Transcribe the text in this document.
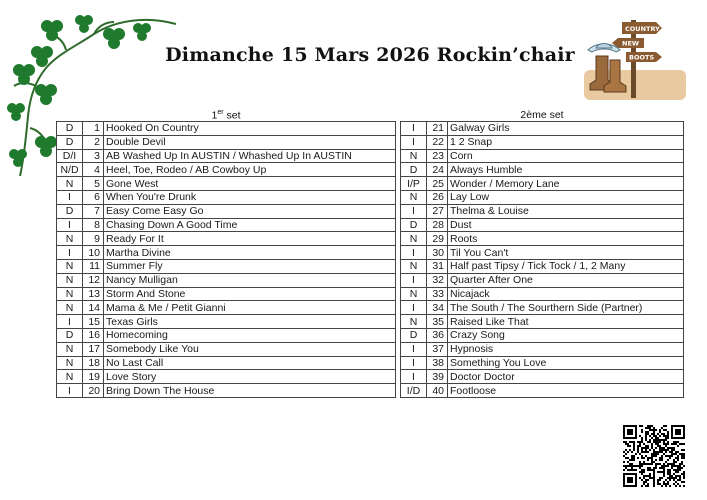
Dimanche 15 Mars 2026 Rockin’chair
COUNTRY
NEW
BOOTS
1er set	2ème set
D	1	Hooked On Country
D	2	Double Devil
D/I	3	AB Washed Up In AUSTIN / Whashed Up In AUSTIN
N/D	4	Heel, Toe, Rodeo / AB Cowboy Up
N	5	Gone West
I	6	When You're Drunk
D	7	Easy Come Easy Go
I	8	Chasing Down A Good Time
N	9	Ready For It
I	10	Martha Divine
N	11	Summer Fly
N	12	Nancy Mulligan
N	13	Storm And Stone
N	14	Mama & Me / Petit Gianni
I	15	Texas Girls
D	16	Homecoming
N	17	Somebody Like You
N	18	No Last Call
N	19	Love Story
I	20	Bring Down The House
I	21	Galway Girls
I	22	1 2 Snap
N	23	Corn
D	24	Always Humble
I/P	25	Wonder / Memory Lane
N	26	Lay Low
I	27	Thelma & Louise
D	28	Dust
N	29	Roots
I	30	Til You Can't
N	31	Half past Tipsy / Tick Tock / 1, 2 Many
I	32	Quarter After One
N	33	Nicajack
I	34	The South / The Sourthern Side (Partner)
N	35	Raised Like That
D	36	Crazy Song
I	37	Hypnosis
I	38	Something You Love
I	39	Doctor Doctor
I/D	40	Footloose
